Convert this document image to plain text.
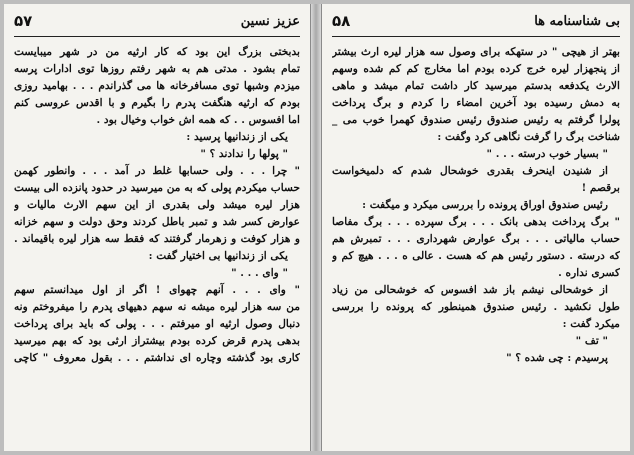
عزیز نسین
۵۷
بدبختی بزرگ این بود که کار ارثیه من در شهر میبایست
تمام بشود . مدتی هم به شهر رفتم روزها توی ادارات پرسه
میزدم وشبها توی مسافرخانه ها می گذراندم . . . بهامید روزی
بودم که ارثیه هنگفت پدرم را بگیرم و با اقدس عروسی کنم
اما افسوس . . که همه اش خواب وخیال بود .
یکی از زندانیها پرسید :
" پولها را ندادند ؟ "
" چرا . . . ولی حسابها غلط در آمد . . . وانطور کهمن
حساب میکردم پولی که به من میرسید در حدود پانزده الی بیست
هزار لیره میشد ولی بقدری از این سهم الارث مالیات و
عوارض کسر شد و تمبر باطل کردند وحق دولت و سهم خزانه
و هزار کوفت و زهرمار گرفتند که فقط سه هزار لیره باقیماند .
یکی از زندانیها بی اختیار گفت :
" وای . . . "
" وای . . . آنهم چهوای ! اگر از اول میدانستم سهم
من سه هزار لیره میشه نه سهم دهیهای پدرم را میفروختم ونه
دنبال وصول ارثیه او میرفتم . . . پولی که باید برای پرداخت
بدهی پدرم قرض کرده بودم بیشتراز ارثی بود که بهم میرسید
کاری بود گذشته وچاره ای نداشتم . . . بقول معروف " کاچی
بی شناسنامه ها
۵۸
بهتر از هیچی " در ستهکه برای وصول سه هزار لیره ارث بیشتر
از پنجهزار لیره خرج کرده بودم اما مخارج کم کم شده وسهم
الارث یکدفعه بدستم میرسید کار داشت تمام میشد و ماهی
به دمش رسیده بود آخرین امضاء را کردم و برگ پرداخت
پولرا گرفتم به رئیس صندوق رئیس صندوق کهمرا خوب می _
شناخت برگ را گرفت نگاهی کرد وگفت :
" بسیار خوب درسته . . . "
از شنیدن اینحرف بقدری خوشحال شدم که دلمیخواست
برقصم !
رئیس صندوق اوراق پرونده را بررسی میکرد و میگفت :
" برگ پرداخت بدهی بانک . . . برگ سپرده . . . برگ مفاصا
حساب مالیاتی . . . برگ عوارض شهرداری . . . تمبرش هم
که درسته . دستور رئیس هم که هست . عالی ه . . . هیچ کم و
کسری نداره .
از خوشحالی نیشم باز شد افسوس که خوشحالی من زیاد
طول نکشید . رئیس صندوق همینطور که پرونده را بررسی
میکرد گفت :
" تف "
پرسیدم : چی شده ؟ "
